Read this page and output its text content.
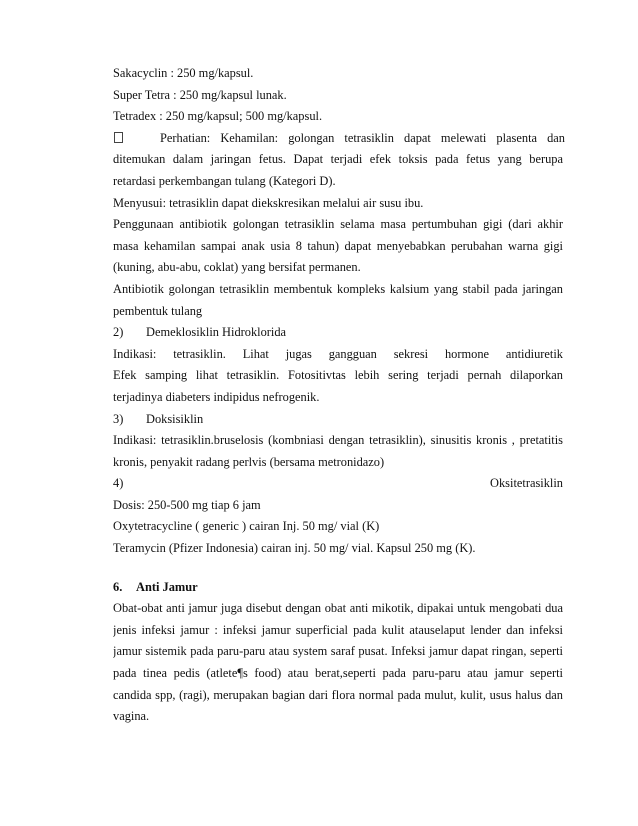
Sakacyclin : 250 mg/kapsul.
Super Tetra : 250 mg/kapsul lunak.
Tetradex : 250 mg/kapsul; 500 mg/kapsul.
Perhatian: Kehamilan: golongan tetrasiklin dapat melewati plasenta dan
ditemukan dalam jaringan fetus. Dapat terjadi efek toksis pada fetus yang berupa
retardasi perkembangan tulang (Kategori D).
Menyusui: tetrasiklin dapat diekskresikan melalui air susu ibu.
Penggunaan antibiotik golongan tetrasiklin selama masa pertumbuhan gigi (dari akhir
masa kehamilan sampai anak usia 8 tahun) dapat menyebabkan perubahan warna gigi
(kuning, abu-abu, coklat) yang bersifat permanen.
Antibiotik golongan tetrasiklin membentuk kompleks kalsium yang stabil pada jaringan
pembentuk tulang
2) Demeklosiklin Hidroklorida
Indikasi: tetrasiklin. Lihat jugas gangguan sekresi hormone antidiuretik
Efek samping lihat tetrasiklin. Fotositivtas lebih sering terjadi pernah dilaporkan
terjadinya diabeters indipidus nefrogenik.
3) Doksisiklin
Indikasi: tetrasiklin.bruselosis (kombniasi dengan tetrasiklin), sinusitis kronis , pretatitis
kronis, penyakit radang perlvis (bersama metronidazo)
4)	Oksitetrasiklin
Dosis: 250-500 mg tiap 6 jam
Oxytetracycline ( generic ) cairan Inj. 50 mg/ vial (K)
Teramycin (Pfizer Indonesia) cairan inj. 50 mg/ vial. Kapsul 250 mg (K).
6. Anti Jamur
Obat-obat anti jamur juga disebut dengan obat anti mikotik, dipakai untuk mengobati dua
jenis infeksi jamur : infeksi jamur superficial pada kulit atauselaput lender dan infeksi
jamur sistemik pada paru-paru atau system saraf pusat. Infeksi jamur dapat ringan, seperti
pada tinea pedis (atlete¶s food) atau berat,seperti pada paru-paru atau jamur seperti
candida spp, (ragi), merupakan bagian dari flora normal pada mulut, kulit, usus halus dan
vagina.
